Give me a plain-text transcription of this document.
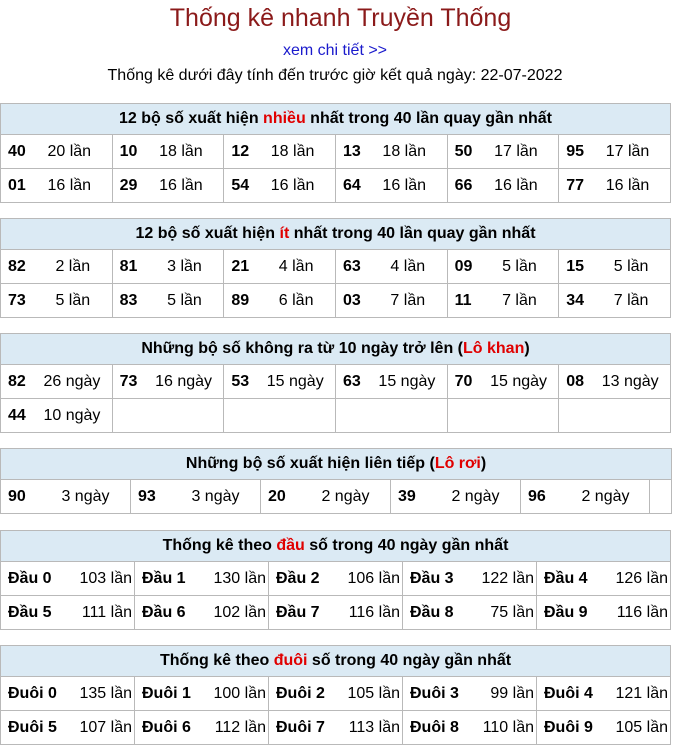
Thống kê nhanh Truyền Thống
xem chi tiết >>
Thống kê dưới đây tính đến trước giờ kết quả ngày: 22-07-2022
12 bộ số xuất hiện nhiều nhất trong 40 lần quay gần nhất					
40 20 lần	10 18 lần	12 18 lần	13 18 lần	50 17 lần	95 17 lần
01 16 lần	29 16 lần	54 16 lần	64 16 lần	66 16 lần	77 16 lần
12 bộ số xuất hiện ít nhất trong 40 lần quay gần nhất					
82 2 lần	81 3 lần	21 4 lần	63 4 lần	09 5 lần	15 5 lần
73 5 lần	83 5 lần	89 6 lần	03 7 lần	11 7 lần	34 7 lần
Những bộ số không ra từ 10 ngày trở lên (Lô khan)					
82 26 ngày	73 16 ngày	53 15 ngày	63 15 ngày	70 15 ngày	08 13 ngày
44 10 ngày					
Những bộ số xuất hiện liên tiếp (Lô rơi)
90 3 ngày	93 3 ngày	20 2 ngày	39 2 ngày	96 2 ngày	
Thống kê theo đầu số trong 40 ngày gần nhất				
Đầu 0 103 lần	Đầu 1 130 lần	Đầu 2 106 lần	Đầu 3 122 lần	Đầu 4 126 lần

Đầu 5 111 lần	Đầu 6 102 lần	Đầu 7 116 lần	Đầu 8 75 lần	Đầu 9 116 lần
Thống kê theo đuôi số trong 40 ngày gần nhất				
Đuôi 0 135 lần	Đuôi 1 100 lần	Đuôi 2 105 lần	Đuôi 3 99 lần	Đuôi 4 121 lần

Đuôi 5 107 lần	Đuôi 6 112 lần	Đuôi 7 113 lần	Đuôi 8 110 lần	Đuôi 9 105 lần
